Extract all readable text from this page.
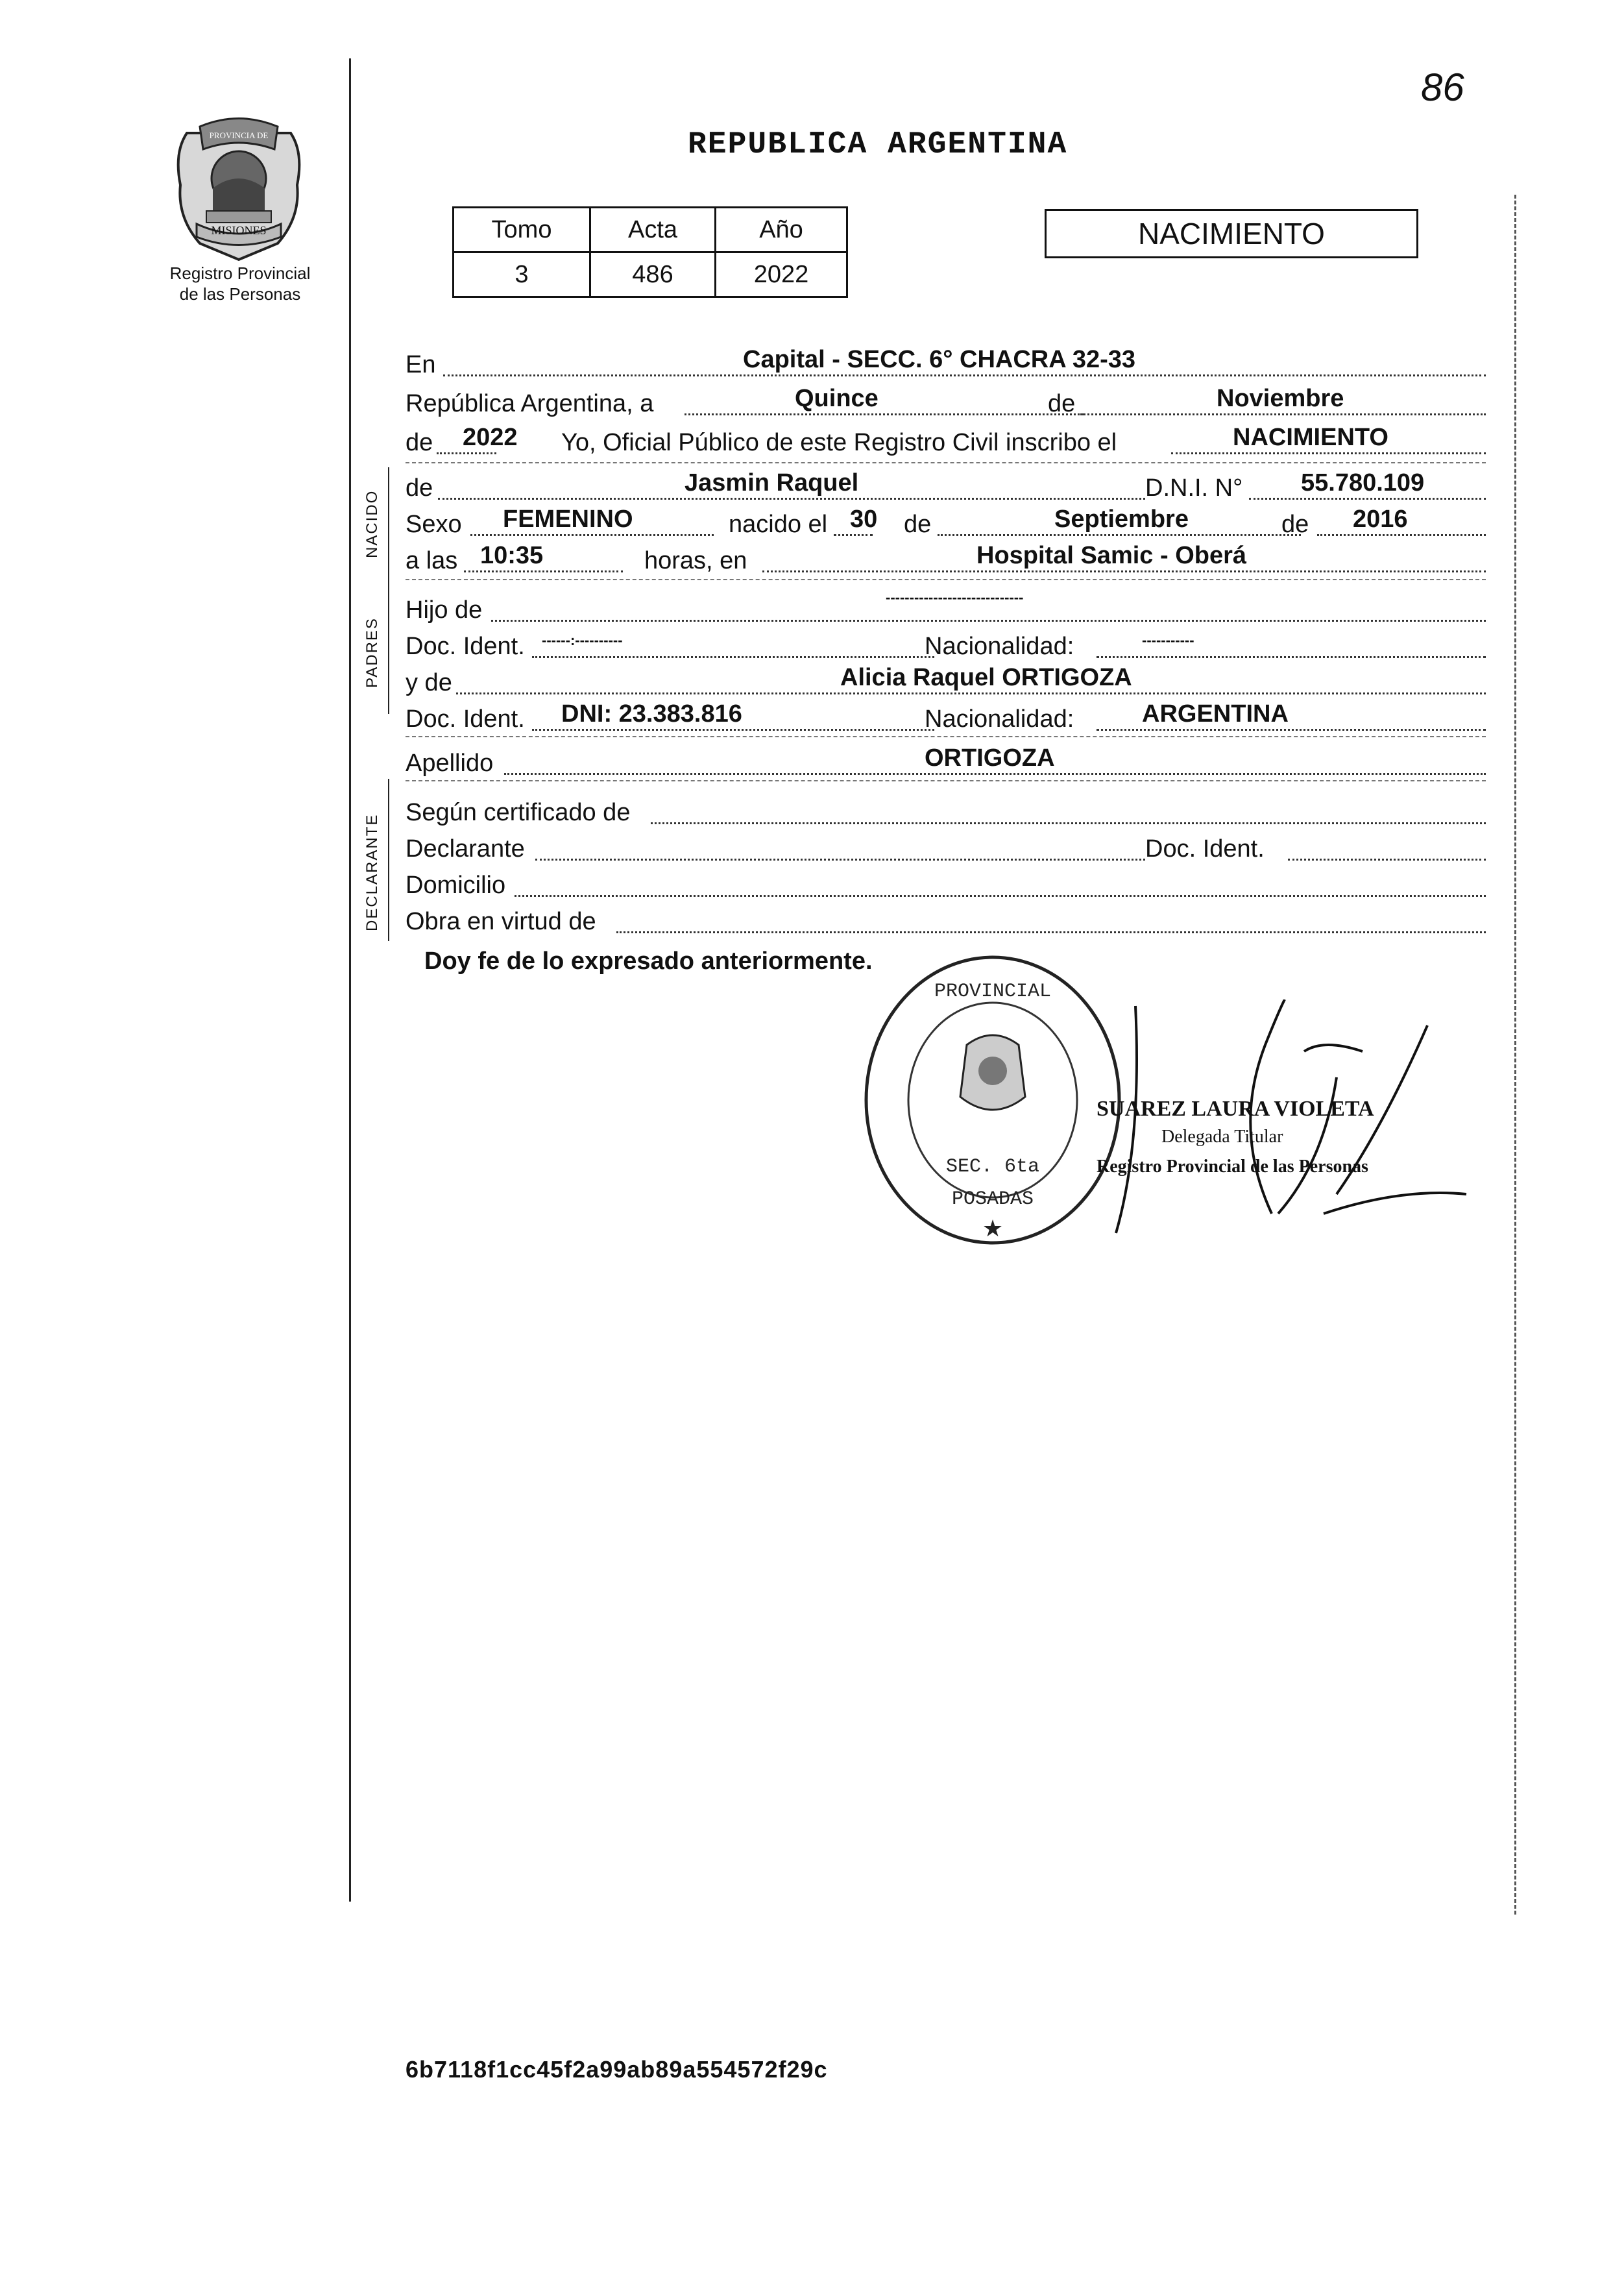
86
MISIONES
PROVINCIA DE
Registro Provincial
de las Personas
REPUBLICA ARGENTINA
Tomo	Acta	Año
3	486	2022
NACIMIENTO
En	Capital - SECC. 6° CHACRA 32-33
República Argentina, a	Quince	de	Noviembre
de 2022 Yo, Oficial Público de este Registro Civil inscribo el	NACIMIENTO
NACIDO
de	Jasmin Raquel	D.N.I. N° 55.780.109
Sexo FEMENINO	nacido el 30 de	Septiembre	de 2016
a las 10:35	horas, en	Hospital Samic - Oberá
PADRES
Hijo de	-----------------------------
Doc. Ident. ------:----------	Nacionalidad:	-----------
y de	Alicia Raquel ORTIGOZA
Doc. Ident. DNI: 23.383.816	Nacionalidad:	ARGENTINA
Apellido	ORTIGOZA
DECLARANTE
Según certificado de
Declarante	Doc. Ident.
Domicilio
Obra en virtud de
Doy fe de lo expresado anteriormente.
PROVINCIAL
SEC. 6ta
POSADAS
★
SUAREZ LAURA VIOLETA
Delegada Titular
Registro Provincial de las Personas
6b7118f1cc45f2a99ab89a554572f29c
